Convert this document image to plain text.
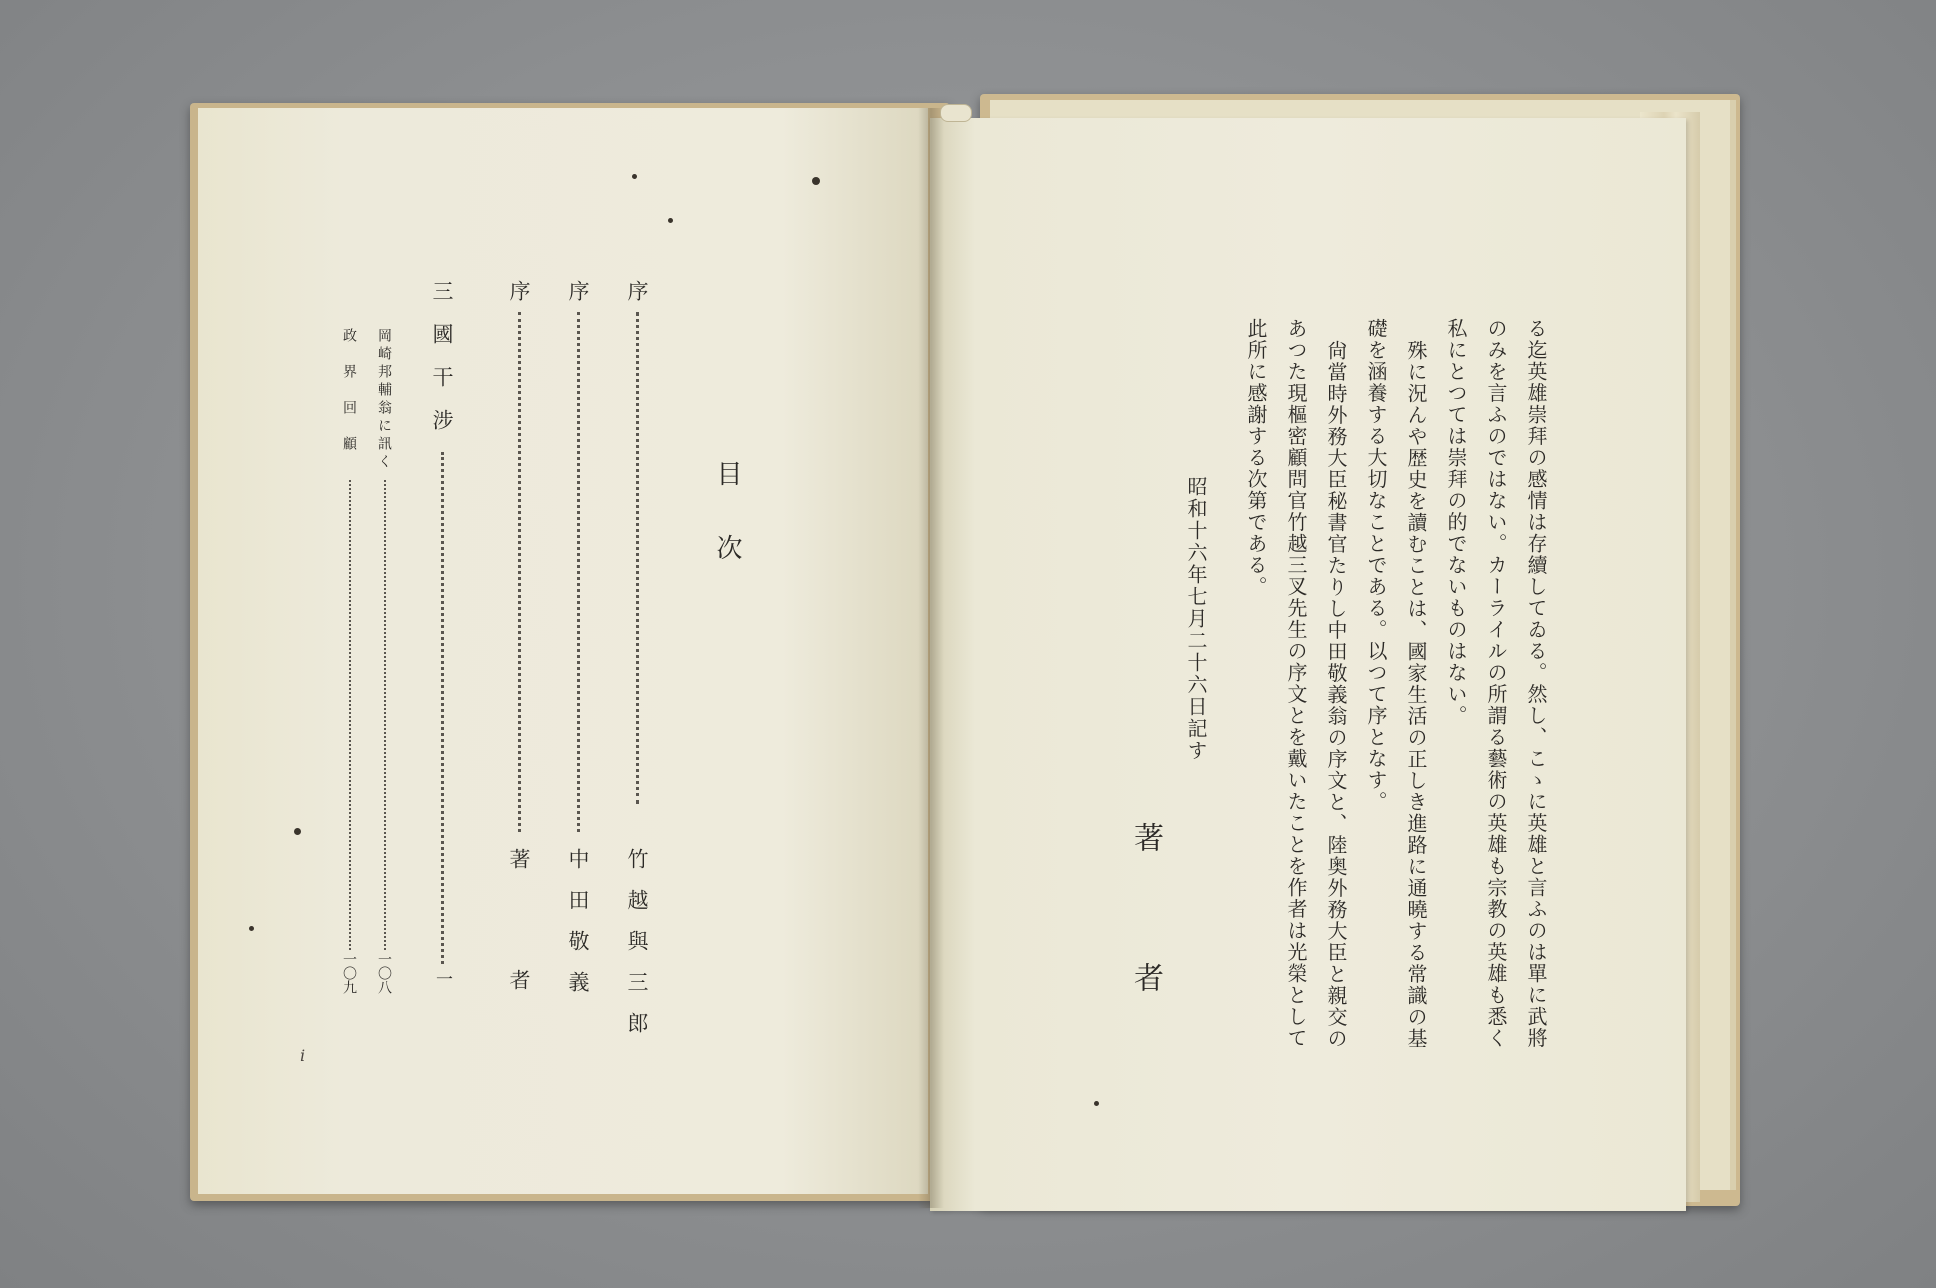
目次
序
竹越與三郎
序
中田敬義
序
著者
三國干涉
一
岡崎邦輔翁に訊く
一〇八
政界回顧
一〇九
i
る迄英雄崇拜の感情は存續してゐる。然し、こゝに英雄と言ふのは單に武將
のみを言ふのではない。カーライルの所謂る藝術の英雄も宗教の英雄も悉く
私にとつては崇拜の的でないものはない。
殊に況んや歴史を讀むことは、國家生活の正しき進路に通曉する常識の基
礎を涵養する大切なことである。以つて序となす。
尙當時外務大臣秘書官たりし中田敬義翁の序文と、陸奥外務大臣と親交の
あつた現樞密顧問官竹越三叉先生の序文とを戴いたことを作者は光榮として
此所に感謝する次第である。
昭和十六年七月二十六日記す
著者
